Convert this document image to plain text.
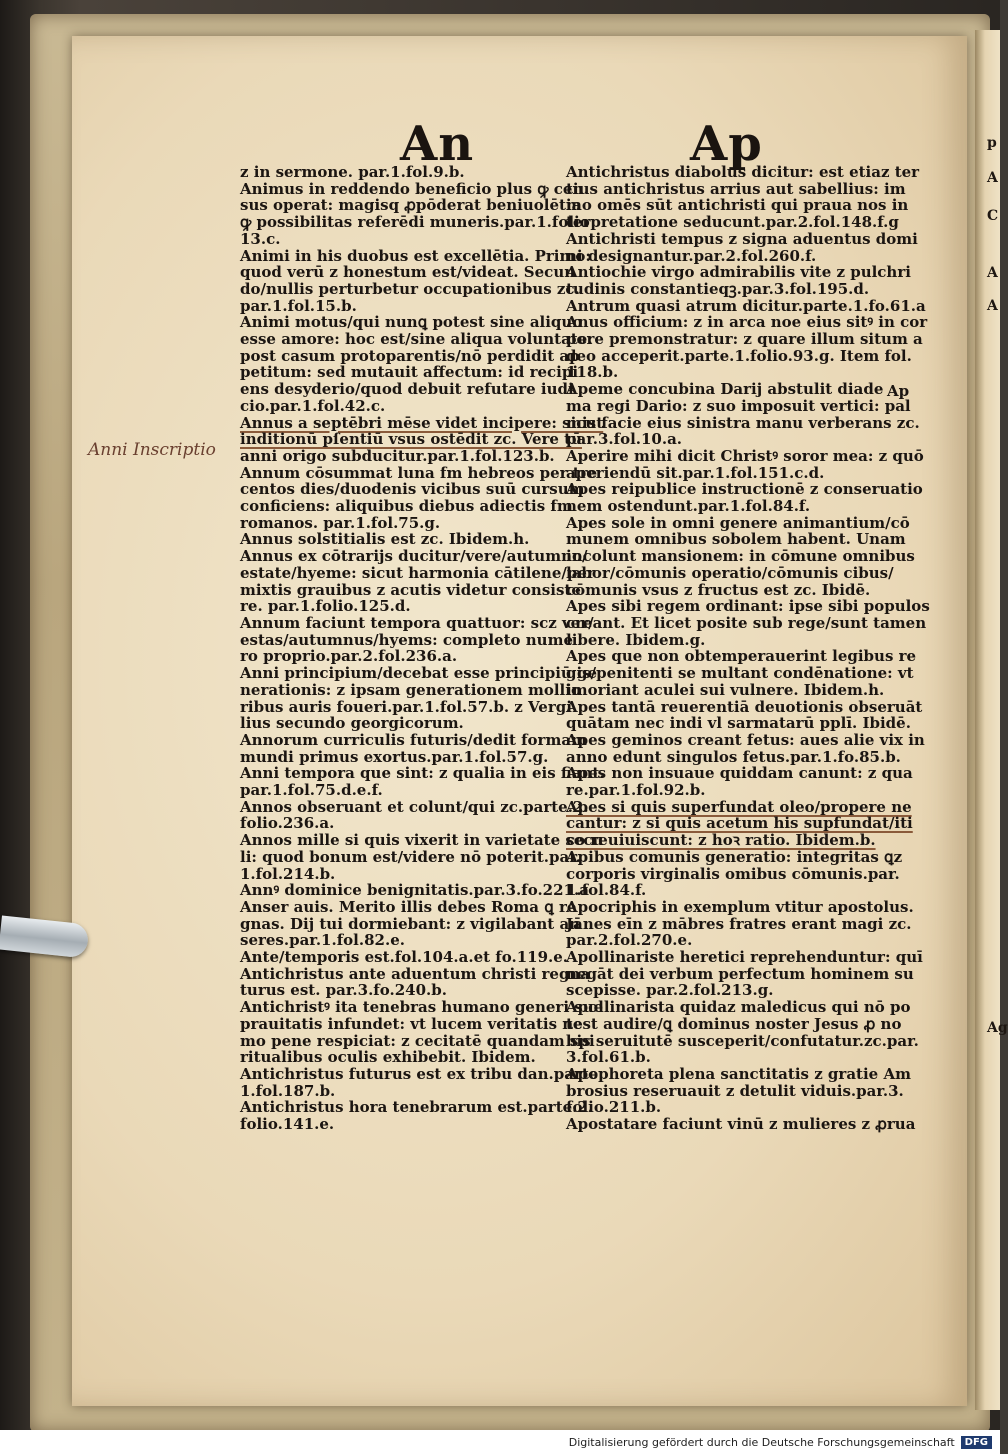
p
A
C
A
A
Ag
An	Ap
Anni Inscriptio
Ap

z in sermone. par.1.fol.9.b.

Animus in reddendo beneficio plus ꝙ cen

sus operat: magisq ꝓpōderat beniuolētia

ꝙ possibilitas referēdi muneris.par.1.folio

13.c.

Animi in his duobus est excellētia. Primo:

quod verū z honestum est/videat. Secun

do/nullis perturbetur occupationibus zc.

par.1.fol.15.b.

Animi motus/qui nunꝗ potest sine aliquo

esse amore: hoc est/sine aliqua voluntate:

post casum protoparentis/nō perdidit ap

petitum: sed mutauit affectum: id recipi

ens desyderio/quod debuit refutare iudi

cio.par.1.fol.42.c.

Annus a septēbri mēse videt incipere: sicut

inditionū pſentiū vsus ostēdit zc. Vere tū

anni origo subducitur.par.1.fol.123.b.

Annum cōsummat luna fm hebreos per tre

centos dies/duodenis vicibus suū cursum

conficiens: aliquibus diebus adiectis fm

romanos. par.1.fol.75.g.

Annus solstitialis est zc. Ibidem.h.

Annus ex cōtrarijs ducitur/vere/autumno/

estate/hyeme: sicut harmonia cātilene/per

mixtis grauibus z acutis videtur consiste

re. par.1.folio.125.d.

Annum faciunt tempora quattuor: scz ver/

estas/autumnus/hyems: completo nume

ro proprio.par.2.fol.236.a.

Anni principium/decebat esse principiū ge

nerationis: z ipsam generationem mollio

ribus auris foueri.par.1.fol.57.b. z Vergi

lius secundo georgicorum.

Annorum curriculis futuris/dedit formam

mundi primus exortus.par.1.fol.57.g.

Anni tempora que sint: z qualia in eis fiant.

par.1.fol.75.d.e.f.

Annos obseruant et colunt/qui zc.parte.2.

folio.236.a.

Annos mille si quis vixerit in varietate secu

li: quod bonum est/videre nō poterit.par.

1.fol.214.b.

Annꝰ dominice benignitatis.par.3.fo.221.a

Anser auis. Merito illis debes Roma ꝗ re

gnas. Dij tui dormiebant: z vigilabant an

seres.par.1.fol.82.e.

Ante/temporis est.fol.104.a.et fo.119.e.

Antichristus ante aduentum christi regna

turus est. par.3.fo.240.b.

Antichristꝰ ita tenebras humano generi sue

prauitatis infundet: vt lucem veritatis ne

mo pene respiciat: z cecitatē quandam spi

ritualibus oculis exhibebit. Ibidem.

Antichristus futurus est ex tribu dan.parte

1.fol.187.b.

Antichristus hora tenebrarum est.parte.2.

folio.141.e.

Antichristus diabolus dicitur: est etiaz ter

tius antichristus arrius aut sabellius: im

mo omēs sūt antichristi qui praua nos in

terpretatione seducunt.par.2.fol.148.f.g

Antichristi tempus z signa aduentus domi

ni designantur.par.2.fol.260.f.

Antiochie virgo admirabilis vite z pulchri

tudinis constantieqꝫ.par.3.fol.195.d.

Antrum quasi atrum dicitur.parte.1.fo.61.a

Anus officium: z in arca noe eius sitꝰ in cor

pore premonstratur: z quare illum situm a

deo acceperit.parte.1.folio.93.g. Item fol.

118.b.

Apeme concubina Darij abstulit diade

ma regi Dario: z suo imposuit vertici: pal

mis facie eius sinistra manu verberans zc.

par.3.fol.10.a.

Aperire mihi dicit Christꝰ soror mea: z quō

aperiendū sit.par.1.fol.151.c.d.

Apes reipublice instructionē z conseruatio

nem ostendunt.par.1.fol.84.f.

Apes sole in omni genere animantium/cō

munem omnibus sobolem habent. Unam

incolunt mansionem: in cōmune omnibus

labor/cōmunis operatio/cōmunis cibus/

cōmunis vsus z fructus est zc. Ibidē.

Apes sibi regem ordinant: ipse sibi populos

creant. Et licet posite sub rege/sunt tamen

libere. Ibidem.g.

Apes que non obtemperauerint legibus re

gis/penitenti se multant condēnatione: vt

imoriant aculei sui vulnere. Ibidem.h.

Apes tantā reuerentiā deuotionis obseruāt

quātam nec indi vl sarmatarū pplī. Ibidē.

Apes geminos creant fetus: aues alie vix in

anno edunt singulos fetus.par.1.fo.85.b.

Apes non insuaue quiddam canunt: z qua

re.par.1.fol.92.b.

Apes si quis superfundat oleo/propere ne

cantur: z si quis acetum his supfundat/iti

co reuiuiscunt: z hoꝛ ratio. Ibidem.b.

Apibus comunis generatio: integritas ꝗz

corporis virginalis omibus cōmunis.par.

1.fol.84.f.

Apocriphis in exemplum vtitur apostolus.

Jānes eīn z mābres fratres erant magi zc.

par.2.fol.270.e.

Apollinariste heretici reprehenduntur: quī

negāt dei verbum perfectum hominem su

scepisse. par.2.fol.213.g.

Apollinarista quidaz maledicus qui nō po

test audire/ꝗ dominus noster Jesus ꝓ no

bis seruitutē susceperit/confutatur.zc.par.

3.fol.61.b.

Apophoreta plena sanctitatis z gratie Am

brosius reseruauit z detulit viduis.par.3.

folio.211.b.

Apostatare faciunt vinū z mulieres z ꝓrua

Digitalisierung gefördert durch die Deutsche Forschungsgemeinschaft	DFG
